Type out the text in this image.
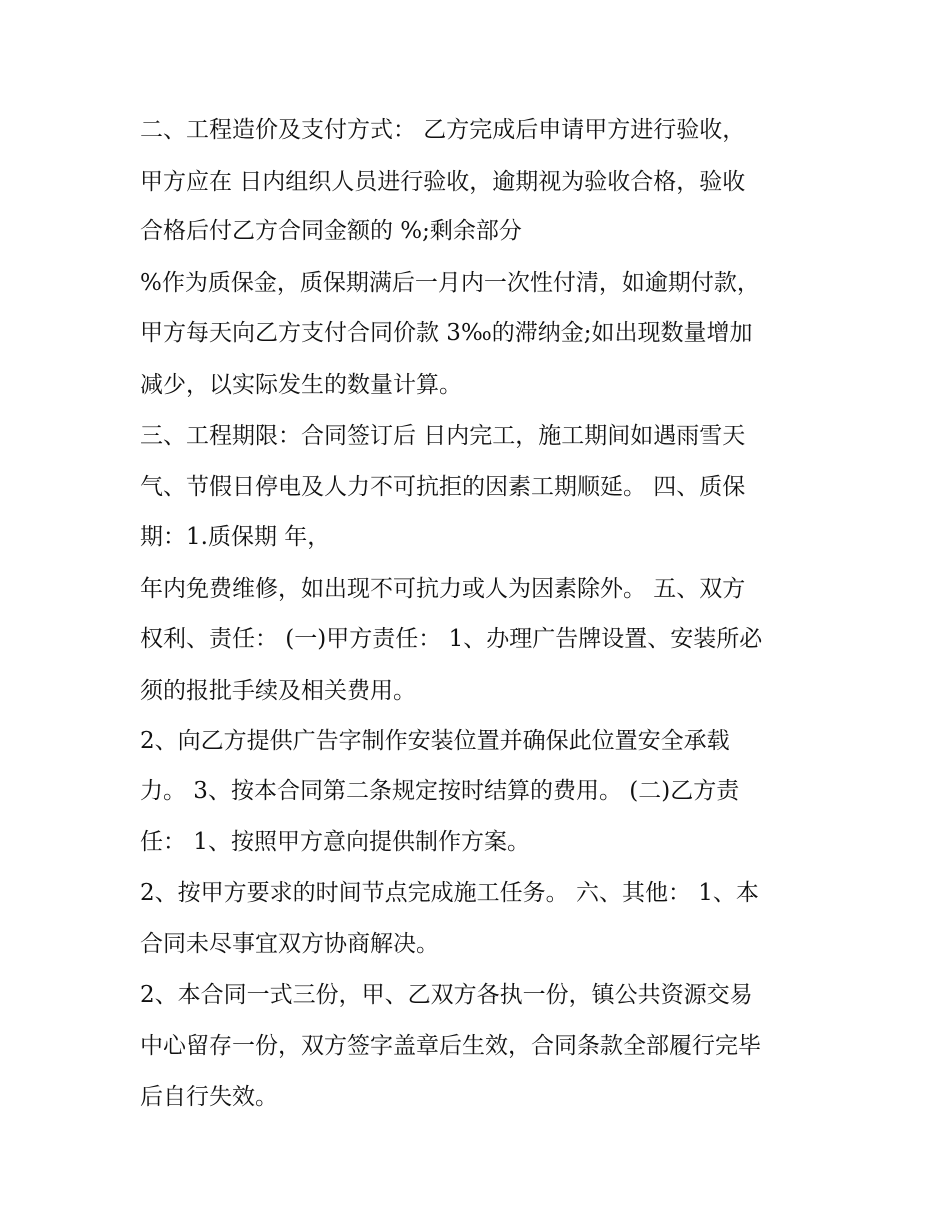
二、工程造价及支付方式： 乙方完成后申请甲方进行验收，
甲方应在 日内组织人员进行验收，逾期视为验收合格，验收
合格后付乙方合同金额的 %;剩余部分
%作为质保金，质保期满后一月内一次性付清，如逾期付款，
甲方每天向乙方支付合同价款 3‰的滞纳金;如出现数量增加
减少，以实际发生的数量计算。
三、工程期限：合同签订后 日内完工，施工期间如遇雨雪天
气、节假日停电及人力不可抗拒的因素工期顺延。 四、质保
期：1.质保期 年，
年内免费维修，如出现不可抗力或人为因素除外。 五、双方
权利、责任： (一)甲方责任： 1、办理广告牌设置、安装所必
须的报批手续及相关费用。
2、向乙方提供广告字制作安装位置并确保此位置安全承载
力。 3、按本合同第二条规定按时结算的费用。 (二)乙方责
任： 1、按照甲方意向提供制作方案。
2、按甲方要求的时间节点完成施工任务。 六、其他： 1、本
合同未尽事宜双方协商解决。
2、本合同一式三份，甲、乙双方各执一份，镇公共资源交易
中心留存一份，双方签字盖章后生效，合同条款全部履行完毕
后自行失效。
